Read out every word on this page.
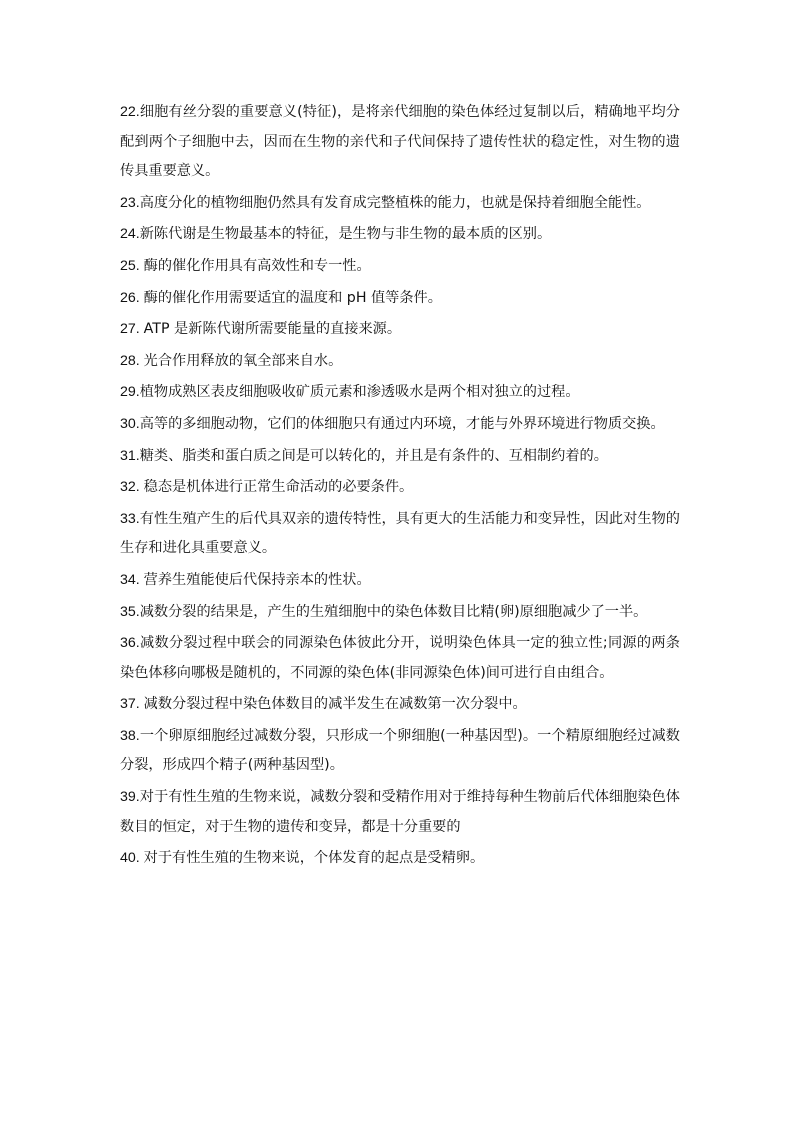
22.细胞有丝分裂的重要意义(特征)，是将亲代细胞的染色体经过复制以后，精确地平均分配到两个子细胞中去，因而在生物的亲代和子代间保持了遗传性状的稳定性，对生物的遗传具重要意义。

23.高度分化的植物细胞仍然具有发育成完整植株的能力，也就是保持着细胞全能性。

24.新陈代谢是生物最基本的特征，是生物与非生物的最本质的区别。

25. 酶的催化作用具有高效性和专一性。

26. 酶的催化作用需要适宜的温度和 pH 值等条件。

27. ATP 是新陈代谢所需要能量的直接来源。

28. 光合作用释放的氧全部来自水。

29.植物成熟区表皮细胞吸收矿质元素和渗透吸水是两个相对独立的过程。

30.高等的多细胞动物，它们的体细胞只有通过内环境，才能与外界环境进行物质交换。

31.糖类、脂类和蛋白质之间是可以转化的，并且是有条件的、互相制约着的。

32. 稳态是机体进行正常生命活动的必要条件。

33.有性生殖产生的后代具双亲的遗传特性，具有更大的生活能力和变异性，因此对生物的生存和进化具重要意义。

34. 营养生殖能使后代保持亲本的性状。

35.减数分裂的结果是，产生的生殖细胞中的染色体数目比精(卵)原细胞减少了一半。

36.减数分裂过程中联会的同源染色体彼此分开，说明染色体具一定的独立性;同源的两条染色体移向哪极是随机的，不同源的染色体(非同源染色体)间可进行自由组合。

37. 减数分裂过程中染色体数目的减半发生在减数第一次分裂中。

38.一个卵原细胞经过减数分裂，只形成一个卵细胞(一种基因型)。一个精原细胞经过减数分裂，形成四个精子(两种基因型)。

39.对于有性生殖的生物来说，减数分裂和受精作用对于维持每种生物前后代体细胞染色体数目的恒定，对于生物的遗传和变异，都是十分重要的

40. 对于有性生殖的生物来说，个体发育的起点是受精卵。
